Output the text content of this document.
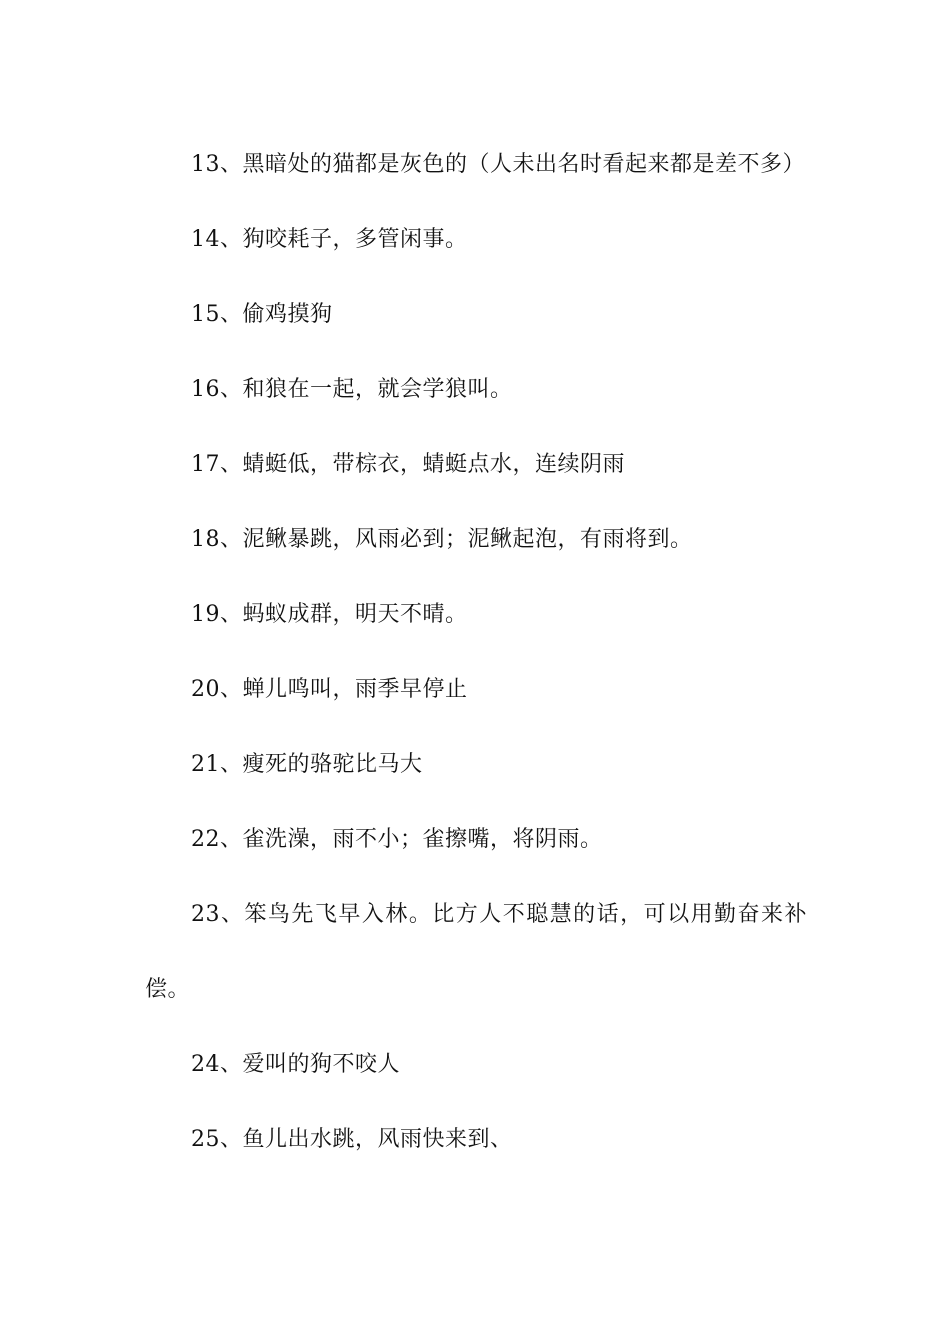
13、黑暗处的猫都是灰色的（人未出名时看起来都是差不多）

14、狗咬耗子，多管闲事。

15、偷鸡摸狗

16、和狼在一起，就会学狼叫。

17、蜻蜓低，带棕衣，蜻蜓点水，连续阴雨

18、泥鳅暴跳，风雨必到；泥鳅起泡，有雨将到。

19、蚂蚁成群，明天不晴。

20、蝉儿鸣叫，雨季早停止

21、瘦死的骆驼比马大

22、雀洗澡，雨不小；雀擦嘴，将阴雨。

23、笨鸟先飞早入林。比方人不聪慧的话，可以用勤奋来补偿。

24、爱叫的狗不咬人

25、鱼儿出水跳，风雨快来到、
